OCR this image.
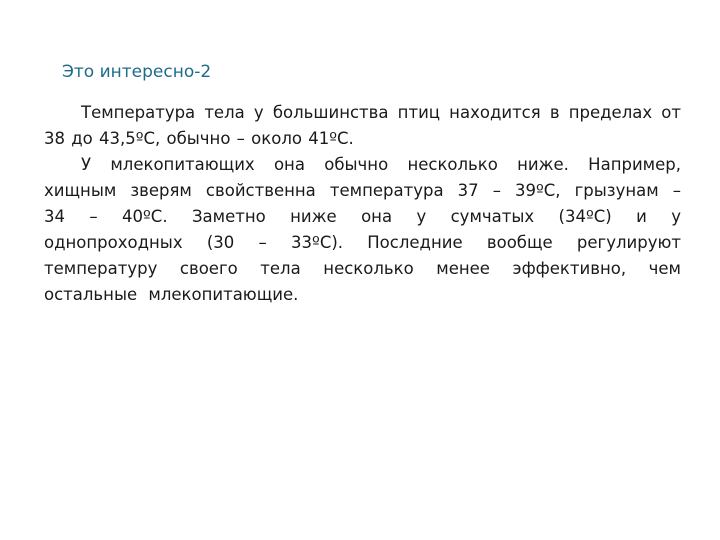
Это интересно-2

Температура тела у большинства птиц находится в пределах от 38 до 43,5ºС, обычно – около 41ºС.

У млекопитающих она обычно несколько ниже. Например, хищным зверям свойственна температура 37 – 39ºС, грызунам – 34 – 40ºС. Заметно ниже она у сумчатых (34ºС) и у однопроходных (30 – 33ºС). Последние вообще регулируют температуру своего тела несколько менее эффективно, чем остальные млекопитающие.
